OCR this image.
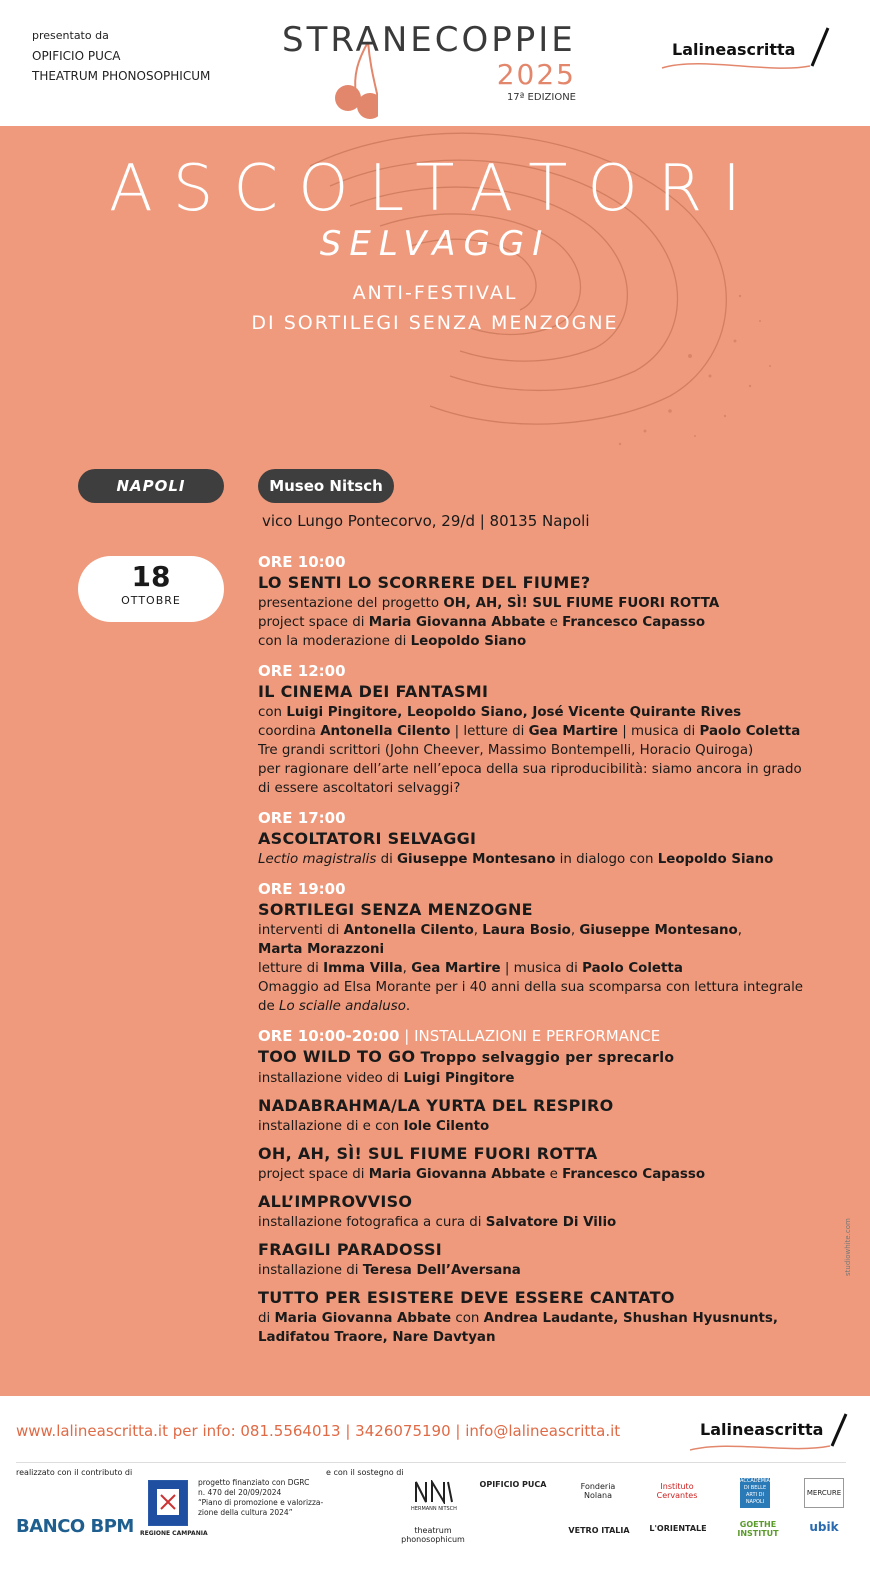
presentato da
OPIFICIO PUCA
THEATRUM PHONOSOPHICUM
STRANECOPPIE
2025
17ª EDIZIONE
Lalineascritta
ASCOLTATORI
SELVAGGI
ANTI-FESTIVAL
DI SORTILEGI SENZA MENZOGNE
NAPOLI	Museo Nitsch
vico Lungo Pontecorvo, 29/d | 80135 Napoli
18
OTTOBRE
ORE 10:00
LO SENTI LO SCORRERE DEL FIUME?
presentazione del progetto OH, AH, SÌ! SUL FIUME FUORI ROTTA
project space di Maria Giovanna Abbate e Francesco Capasso
con la moderazione di Leopoldo Siano
ORE 12:00
IL CINEMA DEI FANTASMI
con Luigi Pingitore, Leopoldo Siano, José Vicente Quirante Rives
coordina Antonella Cilento | letture di Gea Martire | musica di Paolo Coletta
Tre grandi scrittori (John Cheever, Massimo Bontempelli, Horacio Quiroga)
per ragionare dell’arte nell’epoca della sua riproducibilità: siamo ancora in grado
di essere ascoltatori selvaggi?
ORE 17:00
ASCOLTATORI SELVAGGI
Lectio magistralis di Giuseppe Montesano in dialogo con Leopoldo Siano
ORE 19:00
SORTILEGI SENZA MENZOGNE
interventi di Antonella Cilento, Laura Bosio, Giuseppe Montesano,
Marta Morazzoni
letture di Imma Villa, Gea Martire | musica di Paolo Coletta
Omaggio ad Elsa Morante per i 40 anni della sua scomparsa con lettura integrale
de Lo scialle andaluso.
ORE 10:00-20:00 | INSTALLAZIONI E PERFORMANCE
TOO WILD TO GO Troppo selvaggio per sprecarlo
installazione video di Luigi Pingitore
NADABRAHMA/LA YURTA DEL RESPIRO
installazione di e con Iole Cilento
OH, AH, SÌ! SUL FIUME FUORI ROTTA
project space di Maria Giovanna Abbate e Francesco Capasso
ALL’IMPROVVISO
installazione fotografica a cura di Salvatore Di Vilio
FRAGILI PARADOSSI
installazione di Teresa Dell’Aversana
TUTTO PER ESISTERE DEVE ESSERE CANTATO
di Maria Giovanna Abbate con Andrea Laudante, Shushan Hyusnunts,
Ladifatou Traore, Nare Davtyan
studiowhite.com
www.lalineascritta.it per info: 081.5564013 | 3426075190 | info@lalineascritta.it	Lalineascritta
realizzato con il contributo di
BANCO BPM REGIONE CAMPANIA
progetto finanziato con DGRC
n. 470 del 20/09/2024
“Piano di promozione e valorizza-
zione della cultura 2024”
e con il sostegno di
HERMANN NITSCH
theatrum phonosophicum
OPIFICIO PUCA	Fonderia Nolana
VETRO ITALIA
Instituto Cervantes
L'ORIENTALE
ACCADEMIA DI BELLE ARTI DI NAPOLI
GOETHE INSTITUT
MERCURE
ubik
